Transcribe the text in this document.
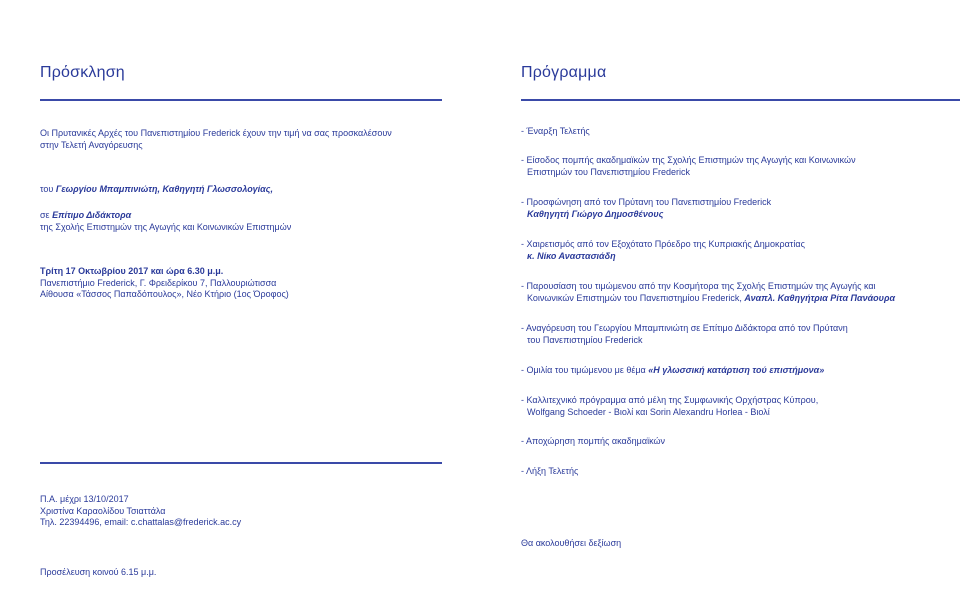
Πρόσκληση
Οι Πρυτανικές Αρχές του Πανεπιστημίου Frederick έχουν την τιμή να σας προσκαλέσουν
στην Τελετή Αναγόρευσης
του Γεωργίου Μπαμπινιώτη, Καθηγητή Γλωσσολογίας,
σε Επίτιμο Διδάκτορα
της Σχολής Επιστημών της Αγωγής και Κοινωνικών Επιστημών
Τρίτη 17 Οκτωβρίου 2017 και ώρα 6.30 μ.μ.
Πανεπιστήμιο Frederick, Γ. Φρειδερίκου 7, Παλλουριώτισσα
Αίθουσα «Τάσσος Παπαδόπουλος», Νέο Κτήριο (1ος Όροφος)
Π.Α. μέχρι 13/10/2017
Χριστίνα Καραολίδου Τσιαττάλα
Τηλ. 22394496, email: c.chattalas@frederick.ac.cy
Προσέλευση κοινού 6.15 μ.μ.
Πρόγραμμα
- Έναρξη Τελετής
- Είσοδος πομπής ακαδημαϊκών της Σχολής Επιστημών της Αγωγής και Κοινωνικών
Επιστημών του Πανεπιστημίου Frederick
- Προσφώνηση από τον Πρύτανη του Πανεπιστημίου Frederick
Καθηγητή Γιώργο Δημοσθένους
- Χαιρετισμός από τον Εξοχότατο Πρόεδρο της Κυπριακής Δημοκρατίας
κ. Νίκο Αναστασιάδη
- Παρουσίαση του τιμώμενου από την Κοσμήτορα της Σχολής Επιστημών της Αγωγής και
Κοινωνικών Επιστημών του Πανεπιστημίου Frederick, Αναπλ. Καθηγήτρια Ρίτα Πανάουρα
- Αναγόρευση του Γεωργίου Μπαμπινιώτη σε Επίτιμο Διδάκτορα από τον Πρύτανη
του Πανεπιστημίου Frederick
- Ομιλία του τιμώμενου με θέμα «Η γλωσσική κατάρτιση τού επιστήμονα»
- Καλλιτεχνικό πρόγραμμα από μέλη της Συμφωνικής Ορχήστρας Κύπρου,
Wolfgang Schoeder - Βιολί και Sorin Alexandru Horlea - Βιολί
- Αποχώρηση πομπής ακαδημαϊκών
- Λήξη Τελετής
Θα ακολουθήσει δεξίωση
